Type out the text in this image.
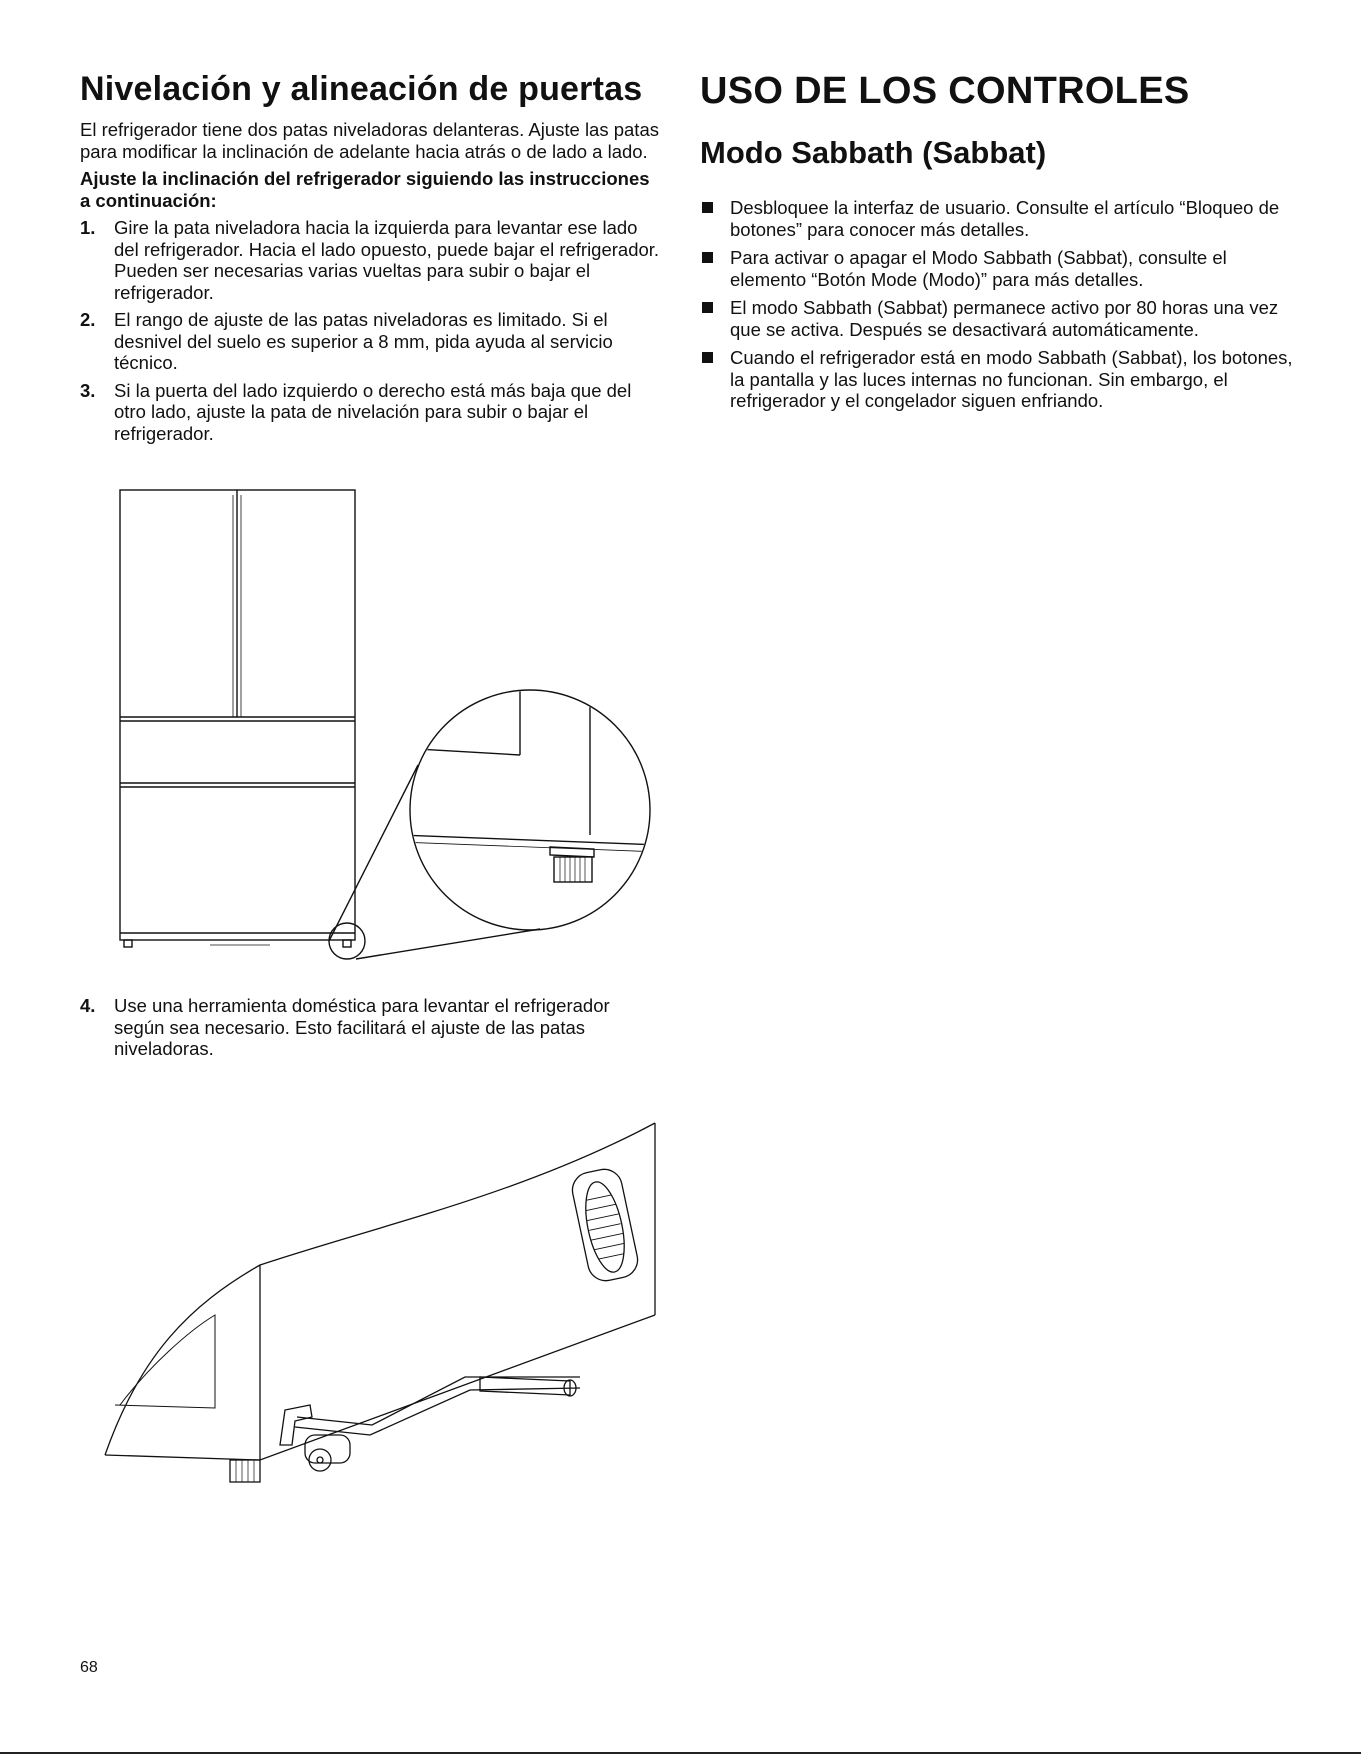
Nivelación y alineación de puertas

El refrigerador tiene dos patas niveladoras delanteras. Ajuste las patas para modificar la inclinación de adelante hacia atrás o de lado a lado.

Ajuste la inclinación del refrigerador siguiendo las instrucciones a continuación:

1. Gire la pata niveladora hacia la izquierda para levantar ese lado del refrigerador. Hacia el lado opuesto, puede bajar el refrigerador. Pueden ser necesarias varias vueltas para subir o bajar el refrigerador.
2. El rango de ajuste de las patas niveladoras es limitado. Si el desnivel del suelo es superior a 8 mm, pida ayuda al servicio técnico.
3. Si la puerta del lado izquierdo o derecho está más baja que del otro lado, ajuste la pata de nivelación para subir o bajar el refrigerador.
4. Use una herramienta doméstica para levantar el refrigerador según sea necesario. Esto facilitará el ajuste de las patas niveladoras.
USO DE LOS CONTROLES
Modo Sabbath (Sabbat)
Desbloquee la interfaz de usuario. Consulte el artículo “Bloqueo de botones” para conocer más detalles.
Para activar o apagar el Modo Sabbath (Sabbat), consulte el elemento “Botón Mode (Modo)” para más detalles.
El modo Sabbath (Sabbat) permanece activo por 80 horas una vez que se activa. Después se desactivará automáticamente.
Cuando el refrigerador está en modo Sabbath (Sabbat), los botones, la pantalla y las luces internas no funcionan. Sin embargo, el refrigerador y el congelador siguen enfriando.
68
